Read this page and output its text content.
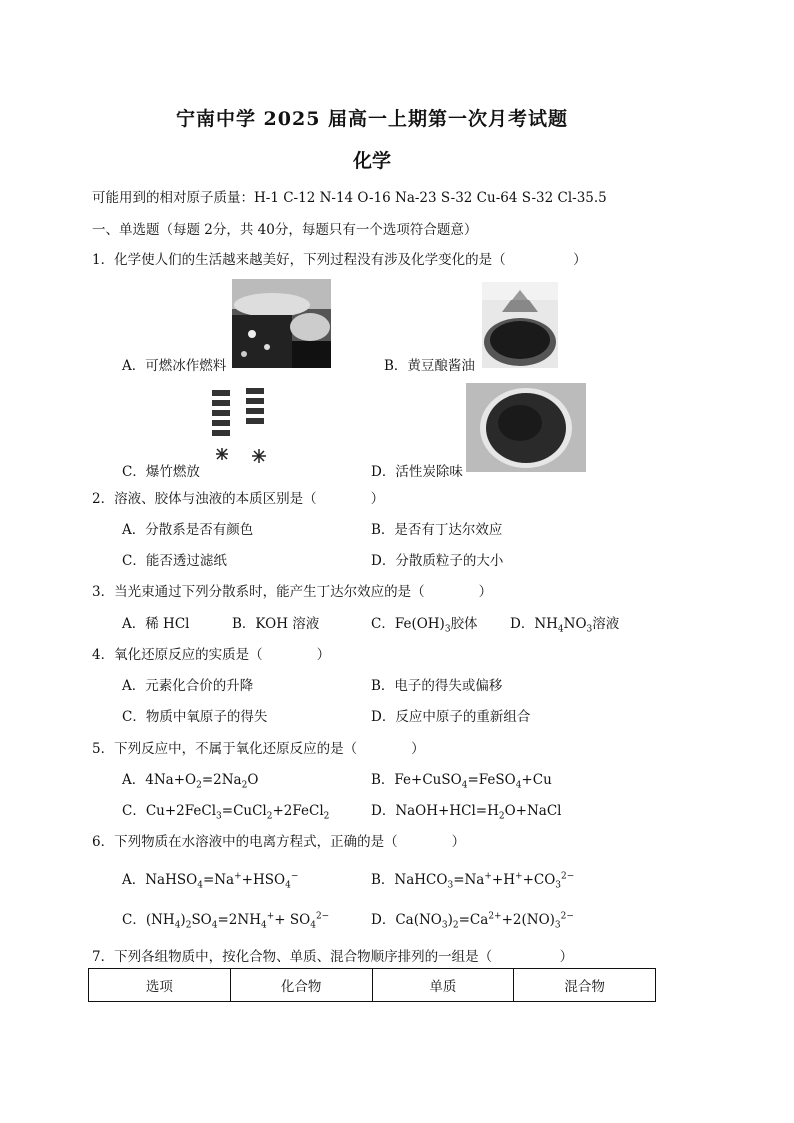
宁南中学 2025 届高一上期第一次月考试题
化学
可能用到的相对原子质量：H-1 C-12 N-14 O-16 Na-23 S-32 Cu-64 S-32 Cl-35.5
一、单选题（每题 2分，共 40分，每题只有一个选项符合题意）
1．化学使人们的生活越来越美好，下列过程没有涉及化学变化的是（　　　　　）
A．可燃冰作燃料	B．黄豆酿酱油
C．爆竹燃放	D．活性炭除味
2．溶液、胶体与浊液的本质区别是（　　　　）
A．分散系是否有颜色	B．是否有丁达尔效应
C．能否透过滤纸	D．分散质粒子的大小
3．当光束通过下列分散系时，能产生丁达尔效应的是（　　　　）
A．稀 HCl	B．KOH 溶液	C．$Fe(OH)_3$胶体 D．$NH_4NO_3$溶液
4．氧化还原反应的实质是（　　　　）
A．元素化合价的升降	B．电子的得失或偏移
C．物质中氧原子的得失	D．反应中原子的重新组合
5．下列反应中，不属于氧化还原反应的是（　　　　）
A．$4Na+O_2=2Na_2O$	B．Fe+CuSO$_4$=FeSO$_4$+Cu
C．Cu+2FeCl$_3$=CuCl$_2$+2FeCl$_2$	D．$NaOH+HCl=H_2O+NaCl$
6．下列物质在水溶液中的电离方程式，正确的是（　　　　）
A．$NaHSO_4=Na^++HSO_4^-$	B．$NaHCO_3=Na^++H^++CO_3^{2-}$
C．$(NH_4)_2SO_4=2NH_4^++ SO_4^{2-}$	D．$Ca(NO_3)_2=Ca^{2+}+2(NO)_3^{2-}$
7．下列各组物质中，按化合物、单质、混合物顺序排列的一组是（　　　　　）
选项	化合物	单质	混合物
